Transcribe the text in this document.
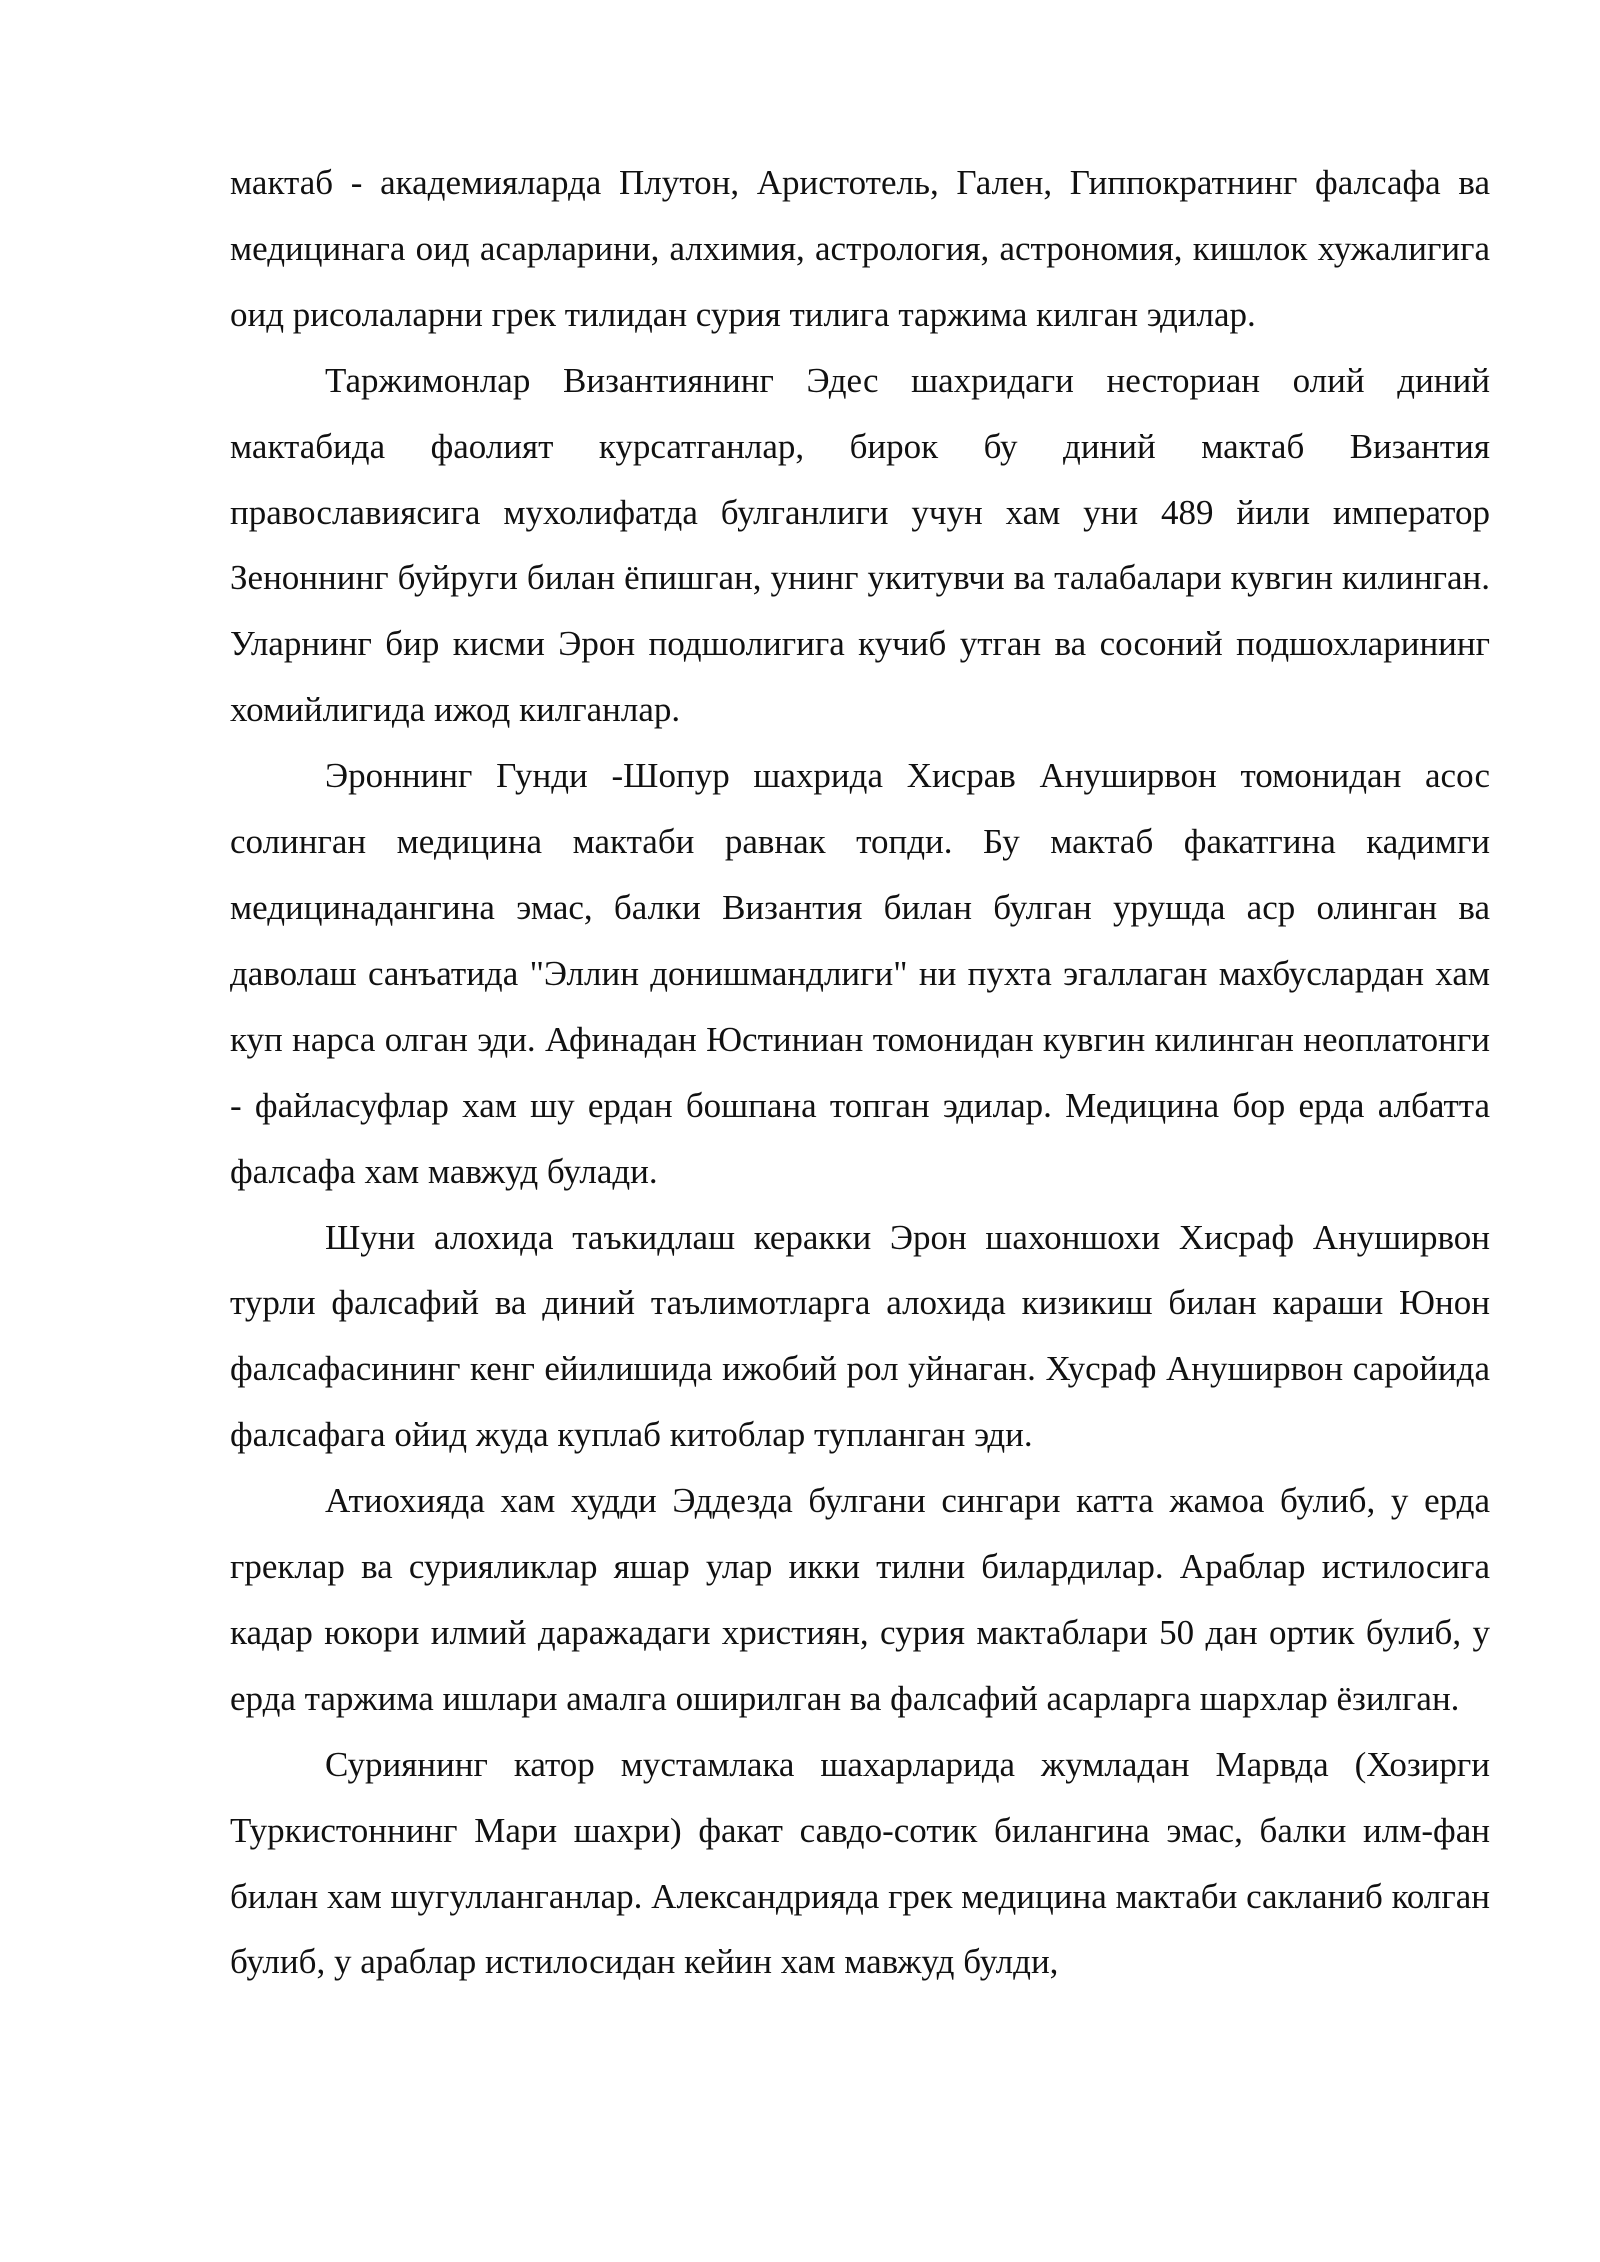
мактаб - академияларда Плутон, Аристотель, Гален, Гиппократнинг фалсафа ва медицинага оид асарларини, алхимия, астрология, астрономия, кишлок хужалигига оид рисолаларни грек тилидан сурия тилига таржима килган эдилар.

Таржимонлар Византиянинг Эдес шахридаги несториан олий диний мактабида фаолият курсатганлар, бирок бу диний мактаб Византия православиясига мухолифатда булганлиги учун хам уни 489 йили император Зеноннинг буйруги билан ёпишган, унинг укитувчи ва талабалари кувгин килинган. Уларнинг бир кисми Эрон подшолигига кучиб утган ва сосоний подшохларининг хомийлигида ижод килганлар.

Эроннинг Гунди -Шопур шахрида Хисрав Ануширвон томонидан асос солинган медицина мактаби равнак топди. Бу мактаб факатгина кадимги медицинадангина эмас, балки Византия билан булган урушда аср олинган ва даволаш санъатида "Эллин донишмандлиги" ни пухта эгаллаган махбуслардан хам куп нарса олган эди. Афинадан Юстиниан томонидан кувгин килинган неоплатонги - файласуфлар хам шу ердан бошпана топган эдилар. Медицина бор ерда албатта фалсафа хам мавжуд булади.

Шуни алохида таъкидлаш керакки Эрон шахоншохи Хисраф Ануширвон турли фалсафий ва диний таълимотларга алохида кизикиш билан караши Юнон фалсафасининг кенг ейилишида ижобий рол уйнаган. Хусраф Ануширвон саройида фалсафага ойид жуда куплаб китоблар тупланган эди.

Атиохияда хам худди Эддезда булгани сингари катта жамоа булиб, у ерда греклар ва сурияликлар яшар улар икки тилни билардилар. Араблар истилосига кадар юкори илмий даражадаги християн, сурия мактаблари 50 дан ортик булиб, у ерда таржима ишлари амалга оширилган ва фалсафий асарларга шархлар ёзилган.

Суриянинг катор мустамлака шахарларида жумладан Марвда (Хозирги Туркистоннинг Мари шахри) факат савдо-сотик билангина эмас, балки илм-фан билан хам шугулланганлар. Александрияда грек медицина мактаби сакланиб колган булиб, у араблар истилосидан кейин хам мавжуд булди,
